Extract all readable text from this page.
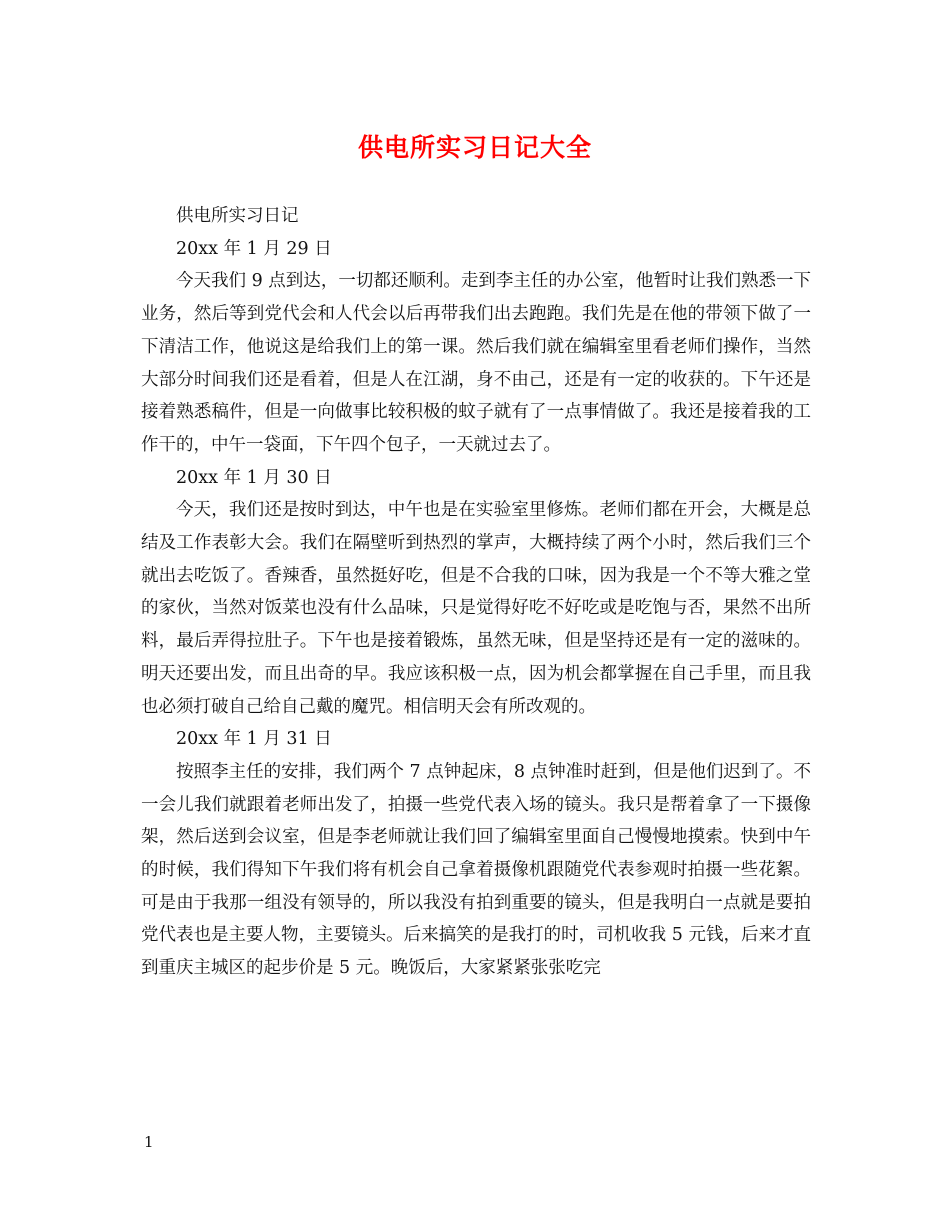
供电所实习日记大全

供电所实习日记

20xx 年 1 月 29 日

今天我们 9 点到达，一切都还顺利。走到李主任的办公室，他暂时让我们熟悉一下业务，然后等到党代会和人代会以后再带我们出去跑跑。我们先是在他的带领下做了一下清洁工作，他说这是给我们上的第一课。然后我们就在编辑室里看老师们操作，当然大部分时间我们还是看着，但是人在江湖，身不由己，还是有一定的收获的。下午还是接着熟悉稿件，但是一向做事比较积极的蚊子就有了一点事情做了。我还是接着我的工作干的，中午一袋面，下午四个包子，一天就过去了。

20xx 年 1 月 30 日

今天，我们还是按时到达，中午也是在实验室里修炼。老师们都在开会，大概是总结及工作表彰大会。我们在隔壁听到热烈的掌声，大概持续了两个小时，然后我们三个就出去吃饭了。香辣香，虽然挺好吃，但是不合我的口味，因为我是一个不等大雅之堂的家伙，当然对饭菜也没有什么品味，只是觉得好吃不好吃或是吃饱与否，果然不出所料，最后弄得拉肚子。下午也是接着锻炼，虽然无味，但是坚持还是有一定的滋味的。明天还要出发，而且出奇的早。我应该积极一点，因为机会都掌握在自己手里，而且我也必须打破自己给自己戴的魔咒。相信明天会有所改观的。

20xx 年 1 月 31 日

按照李主任的安排，我们两个 7 点钟起床，8 点钟准时赶到，但是他们迟到了。不一会儿我们就跟着老师出发了，拍摄一些党代表入场的镜头。我只是帮着拿了一下摄像架，然后送到会议室，但是李老师就让我们回了编辑室里面自己慢慢地摸索。快到中午的时候，我们得知下午我们将有机会自己拿着摄像机跟随党代表参观时拍摄一些花絮。可是由于我那一组没有领导的，所以我没有拍到重要的镜头，但是我明白一点就是要拍党代表也是主要人物，主要镜头。后来搞笑的是我打的时，司机收我 5 元钱，后来才直到重庆主城区的起步价是 5 元。晚饭后，大家紧紧张张吃完

1
